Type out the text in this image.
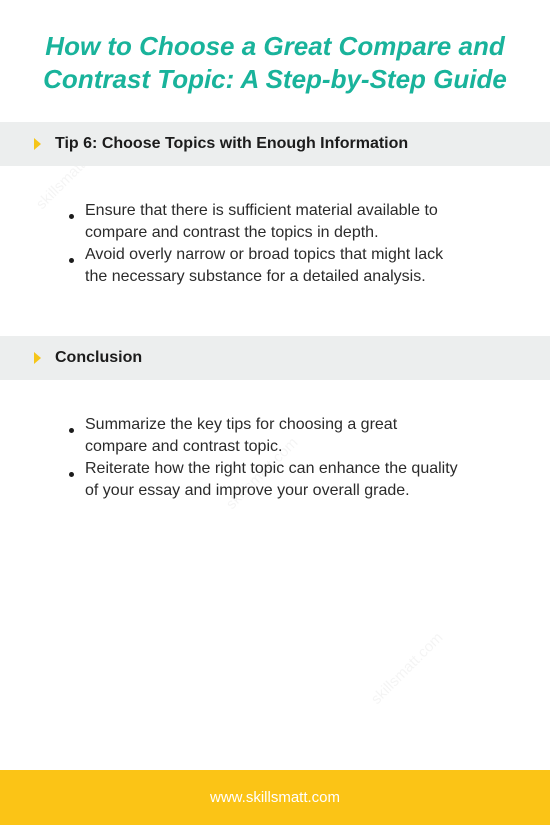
How to Choose a Great Compare and
Contrast Topic: A Step-by-Step Guide
Tip 6: Choose Topics with Enough Information
Ensure that there is sufficient material available to compare and contrast the topics in depth.
Avoid overly narrow or broad topics that might lack the necessary substance for a detailed analysis.
Conclusion
Summarize the key tips for choosing a great compare and contrast topic.
Reiterate how the right topic can enhance the quality of your essay and improve your overall grade.
www.skillsmatt.com
